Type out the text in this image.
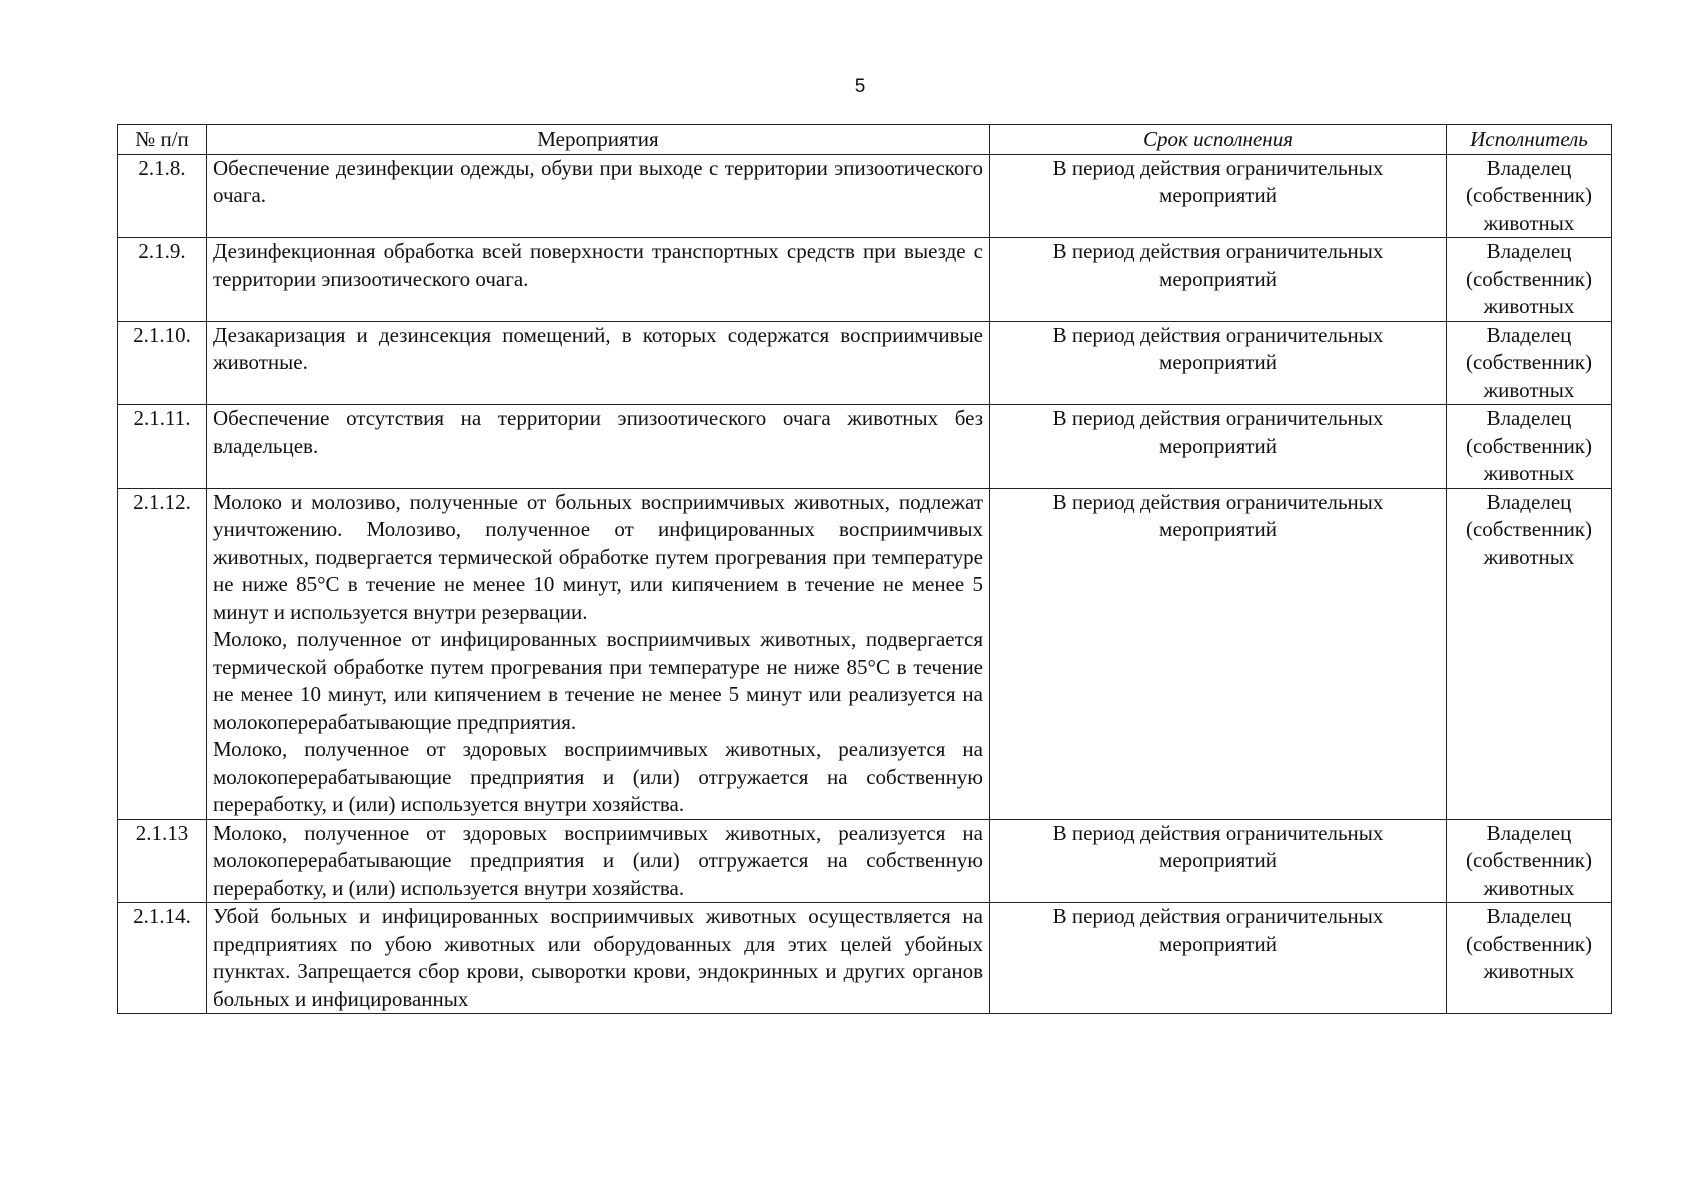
5
№ п/п	Мероприятия	Срок исполнения	Исполнитель
2.1.8.	Обеспечение дезинфекции одежды, обуви при выходе с территории эпизоотического очага.	В период действия ограничительных мероприятий	Владелец (собственник) животных
2.1.9.	Дезинфекционная обработка всей поверхности транспортных средств при выезде с территории эпизоотического очага.	В период действия ограничительных мероприятий	Владелец (собственник) животных
2.1.10.	Дезакаризация и дезинсекция помещений, в которых содержатся восприимчивые животные.	В период действия ограничительных мероприятий	Владелец (собственник) животных
2.1.11.	Обеспечение отсутствия на территории эпизоотического очага животных без владельцев.	В период действия ограничительных мероприятий	Владелец (собственник) животных
2.1.12.	Молоко и молозиво, полученные от больных восприимчивых животных, подлежат уничтожению. Молозиво, полученное от инфицированных восприимчивых животных, подвергается термической обработке путем прогревания при температуре не ниже 85°С в течение не менее 10 минут, или кипячением в течение не менее 5 минут и используется внутри резервации.

Молоко, полученное от инфицированных восприимчивых животных, подвергается термической обработке путем прогревания при температуре не ниже 85°С в течение не менее 10 минут, или кипячением в течение не менее 5 минут или реализуется на молокоперерабатывающие предприятия.

Молоко, полученное от здоровых восприимчивых животных, реализуется на молокоперерабатывающие предприятия и (или) отгружается на собственную переработку, и (или) используется внутри хозяйства.	В период действия ограничительных мероприятий	Владелец (собственник) животных
2.1.13	Молоко, полученное от здоровых восприимчивых животных, реализуется на молокоперерабатывающие предприятия и (или) отгружается на собственную переработку, и (или) используется внутри хозяйства.	В период действия ограничительных мероприятий	Владелец (собственник) животных
2.1.14.	Убой больных и инфицированных восприимчивых животных осуществляется на предприятиях по убою животных или оборудованных для этих целей убойных пунктах. Запрещается сбор крови, сыворотки крови, эндокринных и других органов больных и инфицированных	В период действия ограничительных мероприятий	Владелец (собственник) животных
